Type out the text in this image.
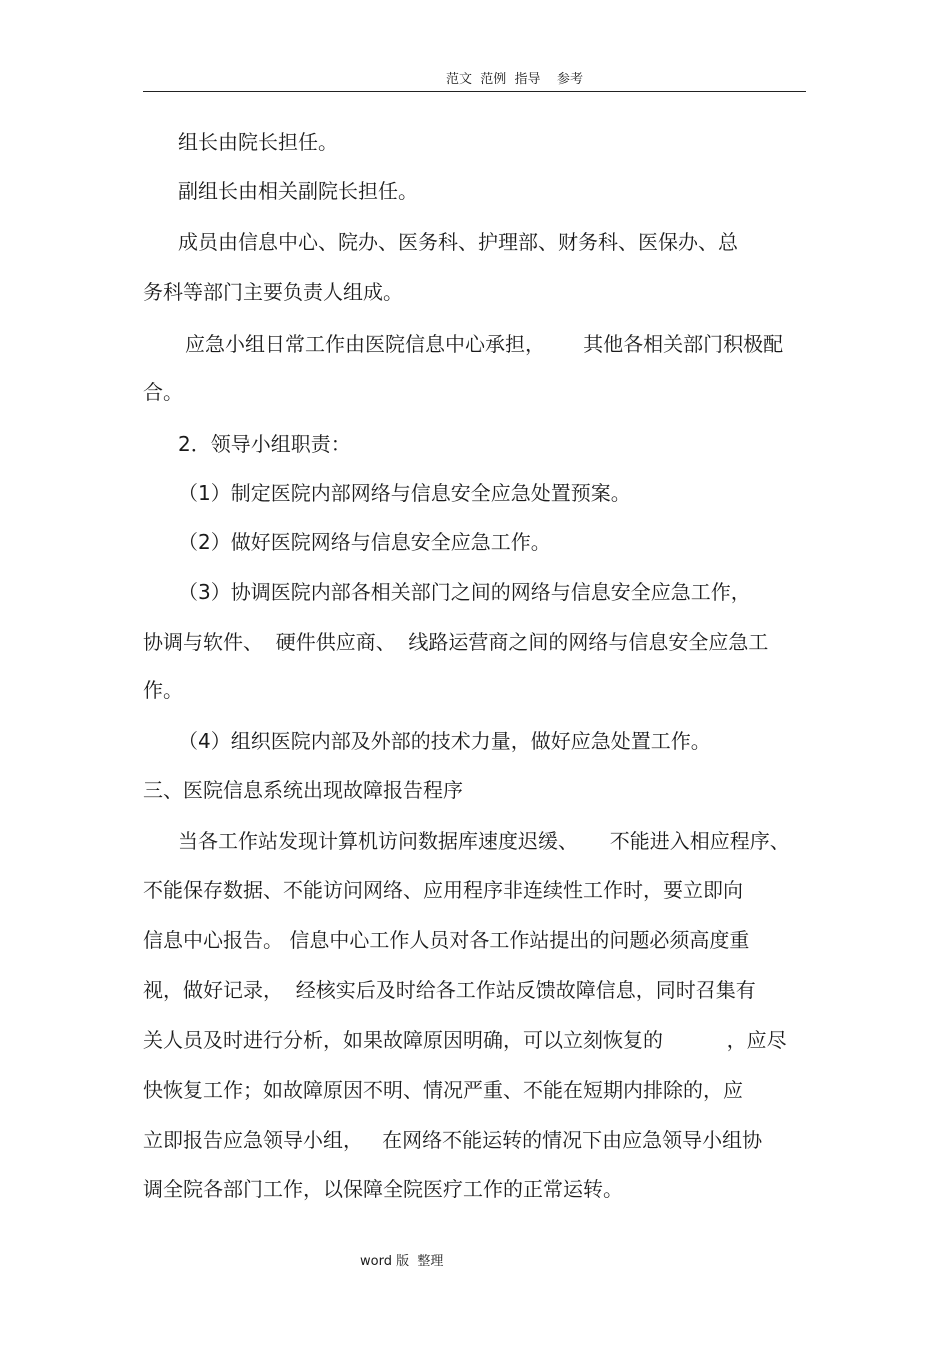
范文  范例  指导    参考
组长由院长担任。
副组长由相关副院长担任。
成员由信息中心、院办、医务科、护理部、财务科、医保办、总
务科等部门主要负责人组成。
应急小组日常工作由医院信息中心承担，      其他各相关部门积极配
合。
2．领导小组职责：
（1）制定医院内部网络与信息安全应急处置预案。
（2）做好医院网络与信息安全应急工作。
（3）协调医院内部各相关部门之间的网络与信息安全应急工作，
协调与软件、  硬件供应商、  线路运营商之间的网络与信息安全应急工
作。
（4）组织医院内部及外部的技术力量，做好应急处置工作。
三、医院信息系统出现故障报告程序
当各工作站发现计算机访问数据库速度迟缓、     不能进入相应程序、
不能保存数据、不能访问网络、应用程序非连续性工作时，要立即向
信息中心报告。 信息中心工作人员对各工作站提出的问题必须高度重
视，做好记录，  经核实后及时给各工作站反馈故障信息，同时召集有
关人员及时进行分析，如果故障原因明确，可以立刻恢复的          ，应尽
快恢复工作；如故障原因不明、情况严重、不能在短期内排除的，应
立即报告应急领导小组，   在网络不能运转的情况下由应急领导小组协
调全院各部门工作，以保障全院医疗工作的正常运转。
word 版  整理
